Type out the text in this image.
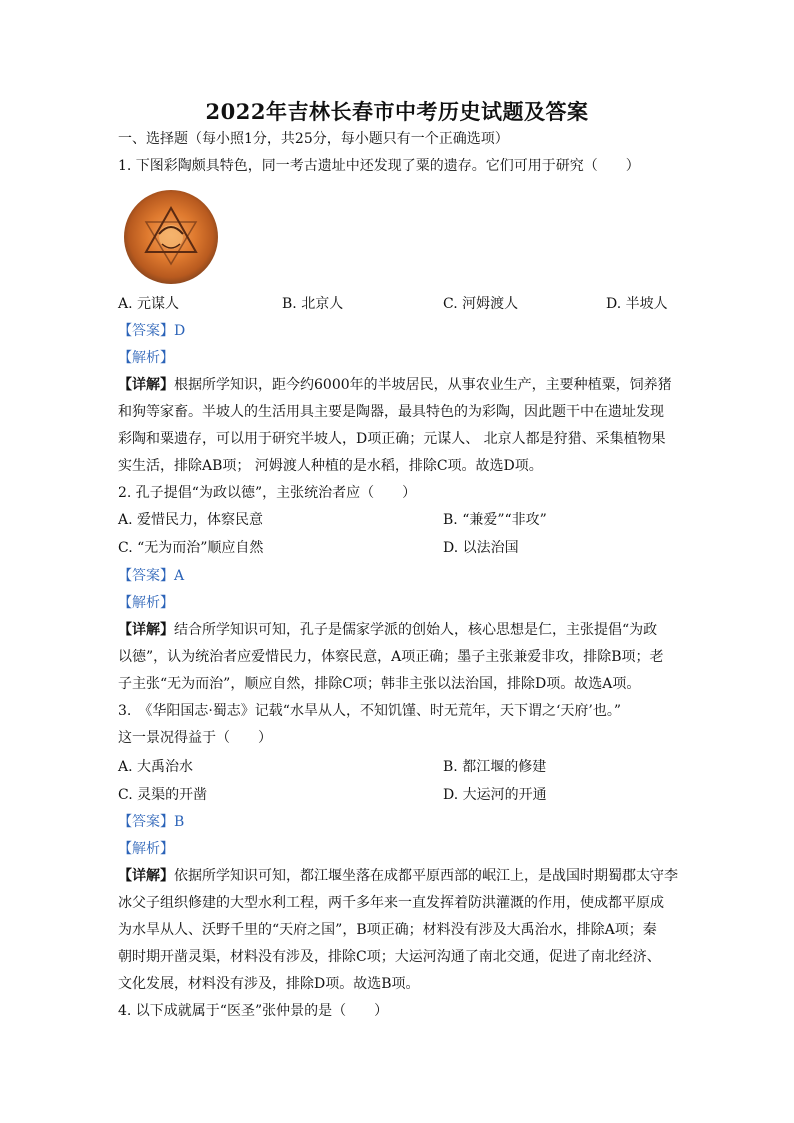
2022年吉林长春市中考历史试题及答案
一、选择题（每小照1分，共25分，每小题只有一个正确选项）
1. 下图彩陶颇具特色，同一考古遗址中还发现了粟的遗存。它们可用于研究（　　）
A. 元谋人	B. 北京人	C. 河姆渡人	D. 半坡人
【答案】D
【解析】
【详解】根据所学知识，距今约6000年的半坡居民，从事农业生产，主要种植粟，饲养猪
和狗等家畜。半坡人的生活用具主要是陶器，最具特色的为彩陶，因此题干中在遗址发现
彩陶和粟遗存，可以用于研究半坡人，D项正确；元谋人、 北京人都是狩猎、采集植物果
实生活，排除AB项； 河姆渡人种植的是水稻，排除C项。故选D项。
2. 孔子提倡“为政以德”，主张统治者应（　　）
A. 爱惜民力，体察民意	B. “兼爱”“非攻”
C. “无为而治”顺应自然	D. 以法治国
【答案】A
【解析】
【详解】结合所学知识可知，孔子是儒家学派的创始人，核心思想是仁，主张提倡“为政
以德”，认为统治者应爱惜民力，体察民意，A项正确；墨子主张兼爱非攻，排除B项；老
子主张“无为而治”，顺应自然，排除C项；韩非主张以法治国，排除D项。故选A项。
3.　《华阳国志·蜀志》记载“水旱从人，不知饥馑、时无荒年，天下谓之‘天府’也。”
这一景况得益于（　　）
A. 大禹治水	B. 都江堰的修建
C. 灵渠的开凿	D. 大运河的开通
【答案】B
【解析】
【详解】依据所学知识可知，都江堰坐落在成都平原西部的岷江上，是战国时期蜀郡太守李
冰父子组织修建的大型水利工程，两千多年来一直发挥着防洪灌溉的作用，使成都平原成
为水旱从人、沃野千里的“天府之国”，B项正确；材料没有涉及大禹治水，排除A项；秦
朝时期开凿灵渠，材料没有涉及，排除C项；大运河沟通了南北交通，促进了南北经济、
文化发展，材料没有涉及，排除D项。故选B项。
4. 以下成就属于“医圣”张仲景的是（　　）
